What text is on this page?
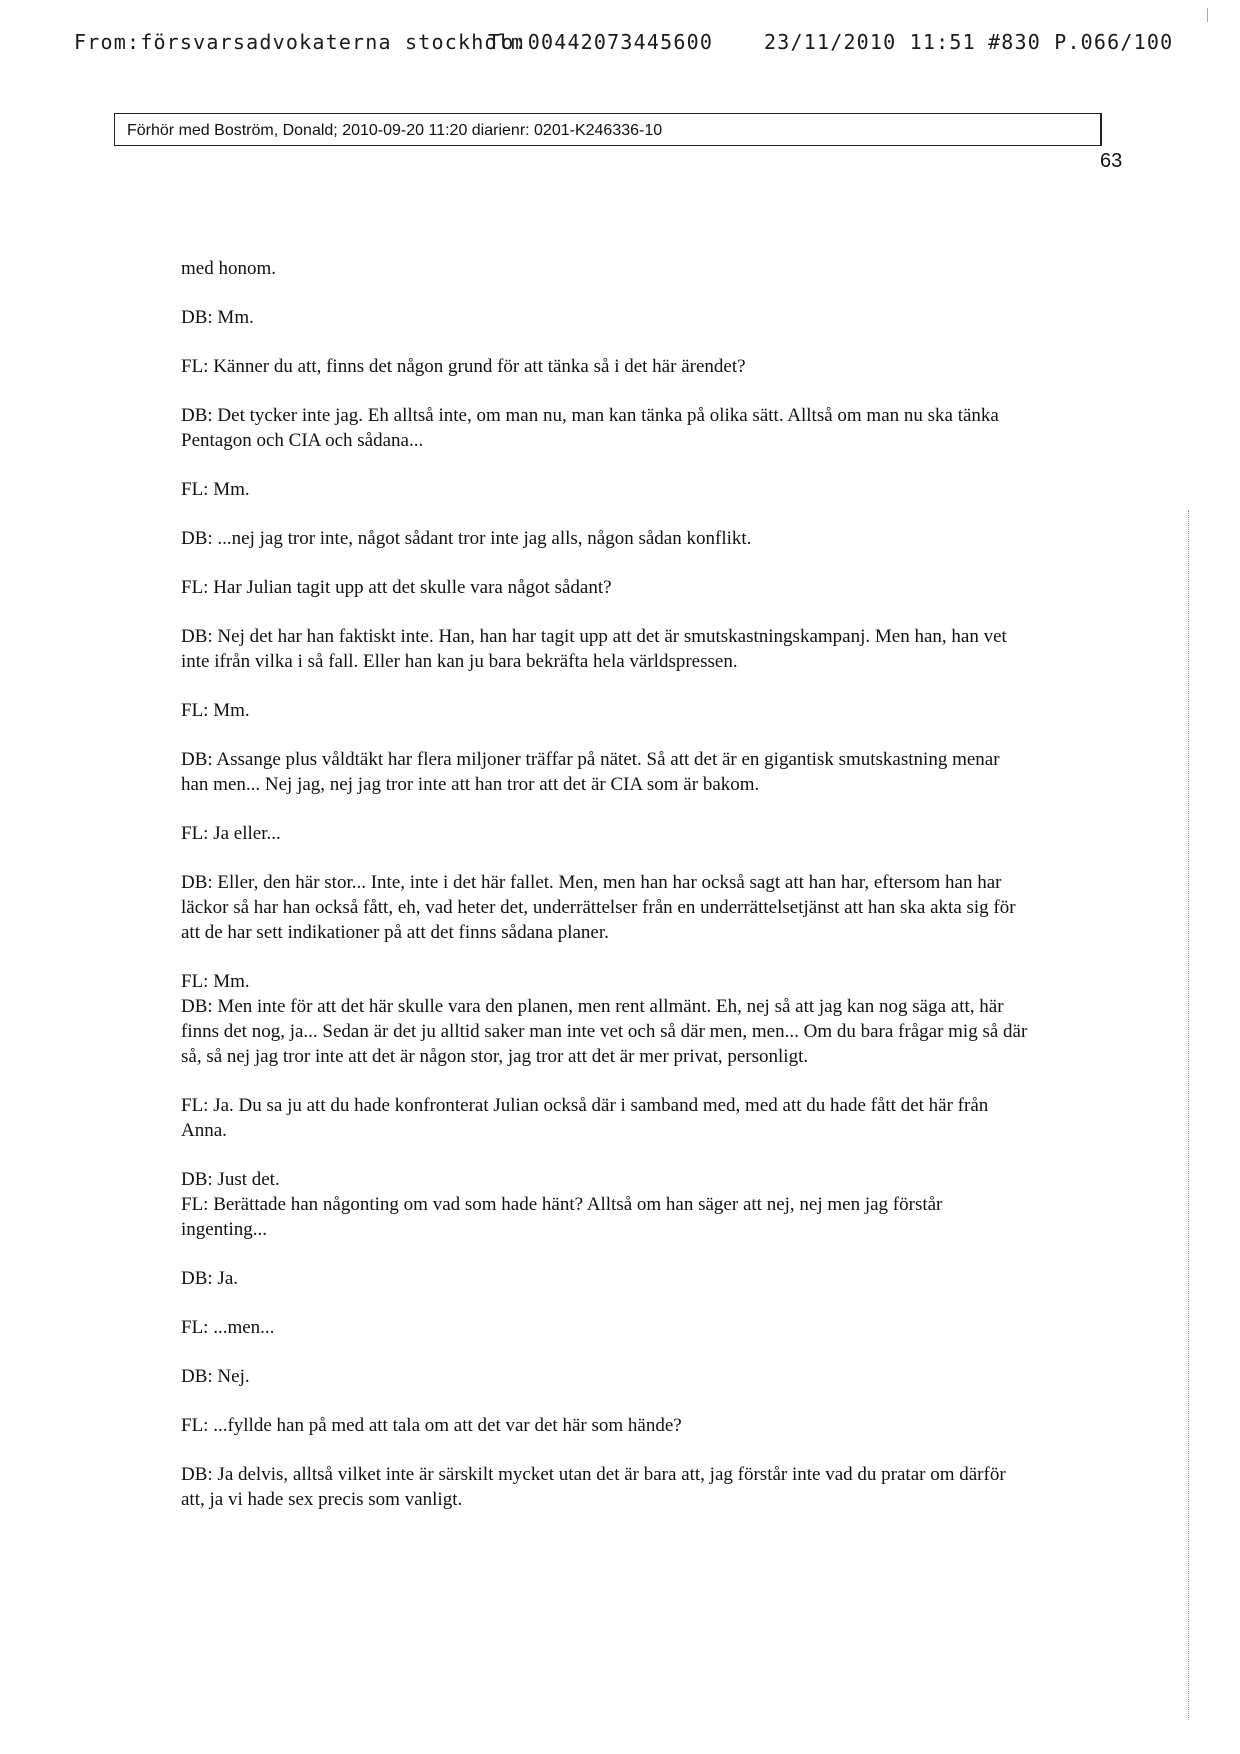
From:försvarsadvokaterna stockholm
To:00442073445600	23/11/2010 11:51 #830 P.066/100
Förhör med Boström, Donald; 2010-09-20 11:20 diarienr: 0201-K246336-10
63

med honom.

DB: Mm.

FL: Känner du att, finns det någon grund för att tänka så i det här ärendet?

DB: Det tycker inte jag. Eh alltså inte, om man nu, man kan tänka på olika sätt. Alltså om man nu ska tänka Pentagon och CIA och sådana...

FL: Mm.

DB: ...nej jag tror inte, något sådant tror inte jag alls, någon sådan konflikt.

FL: Har Julian tagit upp att det skulle vara något sådant?

DB: Nej det har han faktiskt inte. Han, han har tagit upp att det är smutskastningskampanj. Men han, han vet inte ifrån vilka i så fall. Eller han kan ju bara bekräfta hela världspressen.

FL: Mm.

DB: Assange plus våldtäkt har flera miljoner träffar på nätet. Så att det är en gigantisk smutskastning menar han men... Nej jag, nej jag tror inte att han tror att det är CIA som är bakom.

FL: Ja eller...

DB: Eller, den här stor... Inte, inte i det här fallet. Men, men han har också sagt att han har, eftersom han har läckor så har han också fått, eh, vad heter det, underrättelser från en underrättelsetjänst att han ska akta sig för att de har sett indikationer på att det finns sådana planer.

FL: Mm.

DB: Men inte för att det här skulle vara den planen, men rent allmänt. Eh, nej så att jag kan nog säga att, här finns det nog, ja... Sedan är det ju alltid saker man inte vet och så där men, men... Om du bara frågar mig så där så, så nej jag tror inte att det är någon stor, jag tror att det är mer privat, personligt.

FL: Ja. Du sa ju att du hade konfronterat Julian också där i samband med, med att du hade fått det här från Anna.

DB: Just det.

FL: Berättade han någonting om vad som hade hänt? Alltså om han säger att nej, nej men jag förstår ingenting...

DB: Ja.

FL: ...men...

DB: Nej.

FL: ...fyllde han på med att tala om att det var det här som hände?

DB: Ja delvis, alltså vilket inte är särskilt mycket utan det är bara att, jag förstår inte vad du pratar om därför att, ja vi hade sex precis som vanligt.
